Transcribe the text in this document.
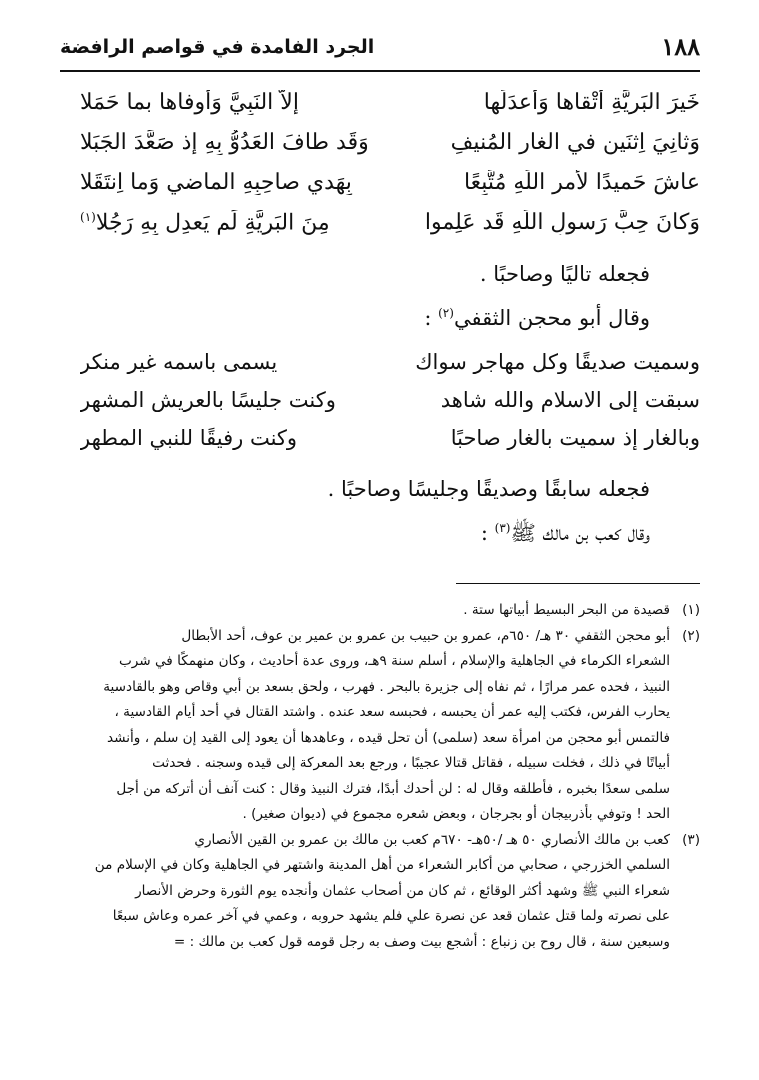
١٨٨
الجرد الفامدة في قواصم الرافضة
خَيرَ البَرِيَّةِ أتْقاها وَأعدَلَها
إلاّ النَبِيَّ وَأوفاها بما حَمَلا
وَثانِيَ اِثنَينِ في الغارِ المُنيفِ
وَقَد طافَ العَدُوُّ بِهِ إِذ صَعَّدَ الجَبَلا
عاشَ حَميدًا لأَمرِ اللَهِ مُتَّبِعًا
بِهَديِ صاحِبِهِ الماضي وَما اِنتَقَلا
وَكانَ حِبَّ رَسولِ اللَهِ قَد عَلِموا
مِنَ البَرِيَّةِ لَم يَعدِل بِهِ رَجُلا$^{(١)}$
فجعله تاليًا وصاحبًا .
وقال أبو محجن الثقفي$^{(٢)}$ :
وسميت صديقًا وكل مهاجر سواك
يسمى باسمه غير منكر
سبقت إلى الاسلام والله شاهد
وكنت جليسًا بالعريش المشهر
وبالغار إذ سميت بالغار صاحبًا
وكنت رفيقًا للنبي المطهر
فجعله سابقًا وصديقًا وجليسًا وصاحبًا .
وقال كعب بن مالك ﷺ$^{(٣)}$ :
(١)
قصيدة من البحر البسيط أبياتها ستة .
(٢)
أبو محجن الثقفي ٣٠ هـ/ ٦٥٠م، عمرو بن حبيب بن عمرو بن عمير بن عوف، أحد الأبطال
الشعراء الكرماء في الجاهلية والإسلام ، أسلم سنة ٩هـ، وروى عدة أحاديث ، وكان منهمكًا في شرب
النبيذ ، فحده عمر مرارًا ، ثم نفاه إلى جزيرة بالبحر . فهرب ، ولحق بسعد بن أبي وقاص وهو بالقادسية
يحارب الفرس، فكتب إليه عمر أن يحبسه ، فحبسه سعد عنده . واشتد القتال في أحد أيام القادسية ،
فالتمس أبو محجن من امرأة سعد (سلمى) أن تحل قيده ، وعاهدها أن يعود إلى القيد إن سلم ، وأنشد
أبياتًا في ذلك ، فخلت سبيله ، فقاتل قتالا عجيبًا ، ورجع بعد المعركة إلى قيده وسجنه . فحدثت
سلمى سعدًا بخبره ، فأطلقه وقال له : لن أحدك أبدًا، فترك النبيذ وقال : كنت آنف أن أتركه من أجل
الحد ! وتوفي بأذربيجان أو بجرجان ، وبعض شعره مجموع في (ديوان صغير) .
(٣)
كعب بن مالك الأنصاري ٥٠ هـ /٥٠هـ- ٦٧٠م كعب بن مالك بن عمرو بن القين الأنصاري
السلمي الخزرجي ، صحابي من أكابر الشعراء من أهل المدينة واشتهر في الجاهلية وكان في الإسلام من
شعراء النبي ﷺ وشهد أكثر الوقائع ، ثم كان من أصحاب عثمان وأنجده يوم الثورة وحرض الأنصار
على نصرته ولما قتل عثمان قعد عن نصرة علي فلم يشهد حروبه ، وعمي في آخر عمره وعاش سبعًا
وسبعين سنة ، قال روح بن زنباع : أشجع بيت وصف به رجل قومه قول كعب بن مالك : =
